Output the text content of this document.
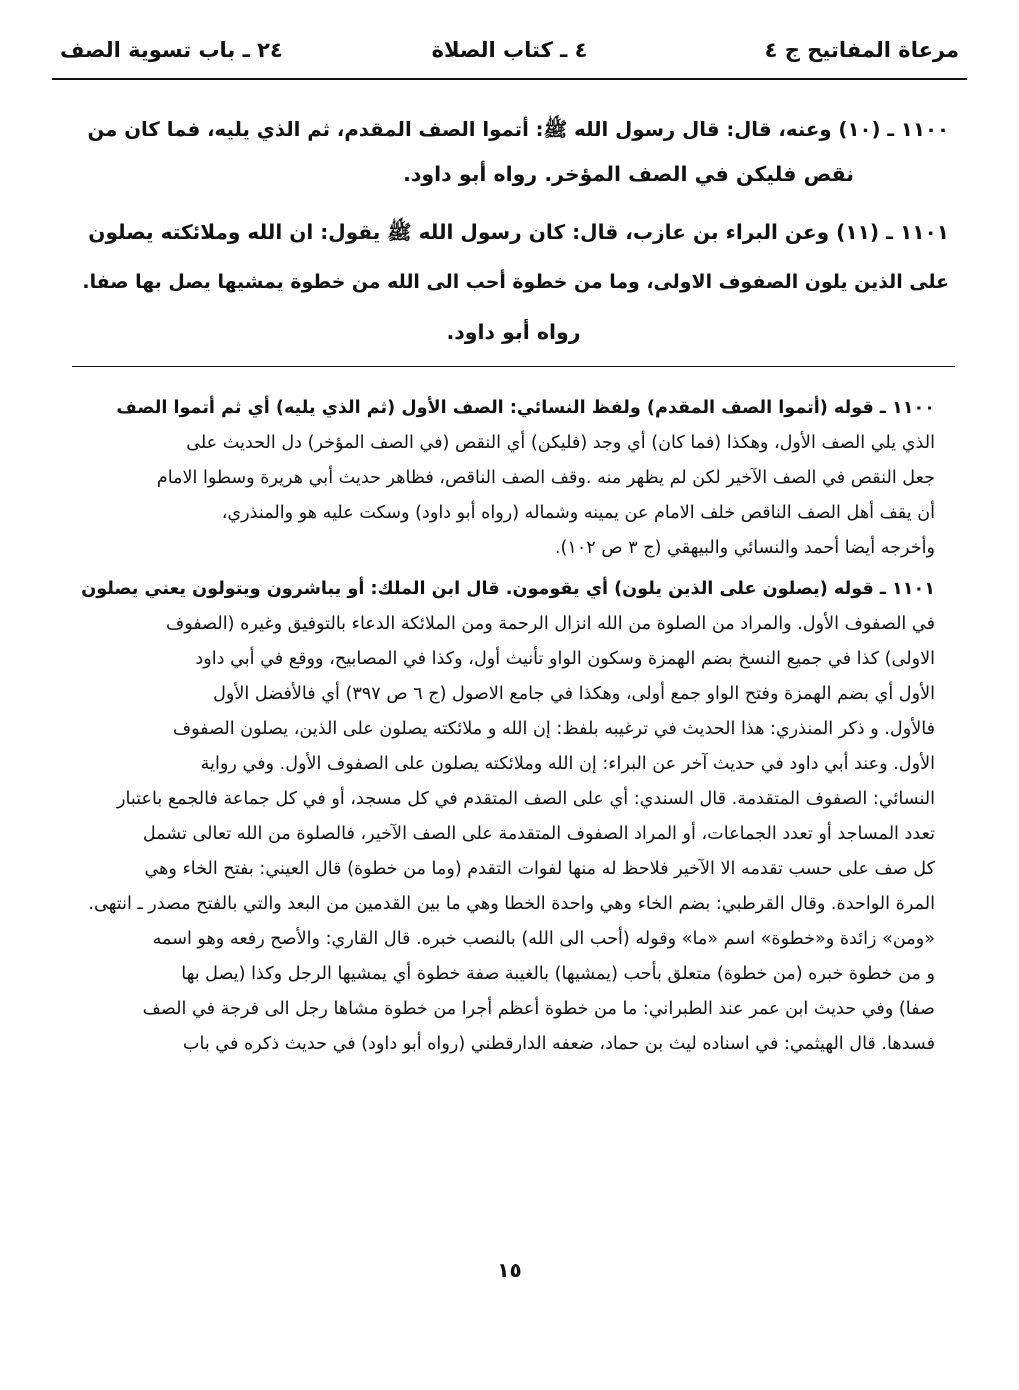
مرعاة المفاتيح ج ٤
٤ ـ كتاب الصلاة
٢٤ ـ باب تسوية الصف
١١٠٠ ـ (١٠) وعنه، قال: قال رسول الله ﷺ: أتموا الصف المقدم، ثم الذي يليه، فما كان من
نقص فليكن في الصف المؤخر. رواه أبو داود.
١١٠١ ـ (١١) وعن البراء بن عازب، قال: كان رسول الله ﷺ يقول: ان الله وملائكته يصلون
على الذين يلون الصفوف الاولى، وما من خطوة أحب الى الله من خطوة يمشيها يصل بها صفا.
رواه أبو داود.
١١٠٠ ـ قوله (أتموا الصف المقدم) ولفظ النسائي: الصف الأول (ثم الذي يليه) أي ثم أتموا الصف
الذي يلي الصف الأول، وهكذا (فما كان) أي وجد (فليكن) أي النقص (في الصف المؤخر) دل الحديث على
جعل النقص في الصف الآخير لكن لم يظهر منه .وقف الصف الناقص، فظاهر حديث أبي هريرة وسطوا الامام
أن يقف أهل الصف الناقص خلف الامام عن يمينه وشماله (رواه أبو داود) وسكت عليه هو والمنذري،
وأخرجه أيضا أحمد والنسائي والبيهقي (ج ٣ ص ١٠٢).
١١٠١ ـ قوله (يصلون على الذين يلون) أي يقومون. قال ابن الملك: أو يباشرون ويتولون يعني يصلون
في الصفوف الأول. والمراد من الصلوة من الله انزال الرحمة ومن الملائكة الدعاء بالتوفيق وغيره (الصفوف
الاولى) كذا في جميع النسخ بضم الهمزة وسكون الواو تأنيث أول، وكذا في المصابيح، ووقع في أبي داود
الأول أي بضم الهمزة وفتح الواو جمع أولى، وهكذا في جامع الاصول (ج ٦ ص ٣٩٧) أي فالأفضل الأول
فالأول. و ذكر المنذري: هذا الحديث في ترغيبه بلفظ: إن الله و ملائكته يصلون على الذين، يصلون الصفوف
الأول. وعند أبي داود في حديث آخر عن البراء: إن الله وملائكته يصلون على الصفوف الأول. وفي رواية
النسائي: الصفوف المتقدمة. قال السندي: أي على الصف المتقدم في كل مسجد، أو في كل جماعة فالجمع باعتبار
تعدد المساجد أو تعدد الجماعات، أو المراد الصفوف المتقدمة على الصف الآخير، فالصلوة من الله تعالى تشمل
كل صف على حسب تقدمه الا الآخير فلاحظ له منها لفوات التقدم (وما من خطوة) قال العيني: بفتح الخاء وهي
المرة الواحدة. وقال القرطبي: بضم الخاء وهي واحدة الخطا وهي ما بين القدمين من البعد والتي بالفتح مصدر ـ انتهى.
«ومن» زائدة و«خطوة» اسم «ما» وقوله (أحب الى الله) بالنصب خبره. قال القاري: والأصح رفعه وهو اسمه
و من خطوة خبره (من خطوة) متعلق بأحب (يمشيها) بالغيبة صفة خطوة أي يمشيها الرجل وكذا (يصل بها
صفا) وفي حديث ابن عمر عند الطبراني: ما من خطوة أعظم أجرا من خطوة مشاها رجل الى فرجة في الصف
فسدها. قال الهيثمي: في اسناده ليث بن حماد، ضعفه الدارقطني (رواه أبو داود) في حديث ذكره في باب
١٥
